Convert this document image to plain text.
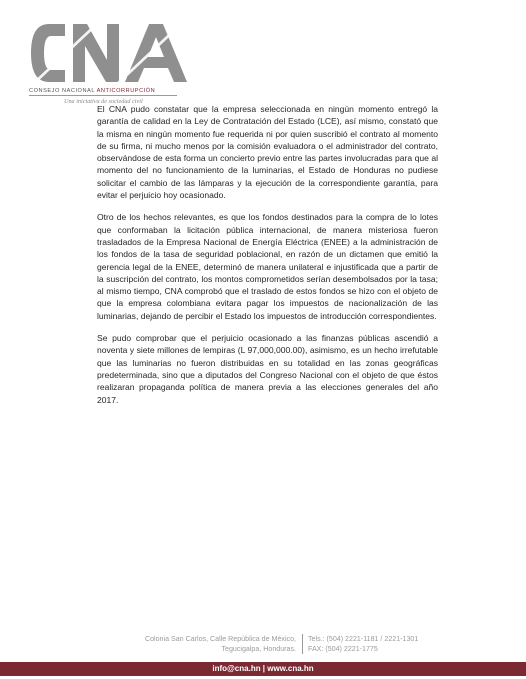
CONSEJO NACIONAL ANTICORRUPCIÓN
Una iniciativa de sociedad civil

El CNA pudo constatar que la empresa seleccionada en ningún momento entregó la garantía de calidad en la Ley de Contratación del Estado (LCE), así mismo, constató que la misma en ningún momento fue requerida ni por quien suscribió el contrato al momento de su firma, ni mucho menos por la comisión evaluadora o el administrador del contrato, observándose de esta forma un concierto previo entre las partes involucradas para que al momento del no funcionamiento de la luminarias, el Estado de Honduras no pudiese solicitar el cambio de las lámparas y la ejecución de la correspondiente garantía, para evitar el perjuicio hoy ocasionado.

Otro de los hechos relevantes, es que los fondos destinados para la compra de lo lotes que conformaban la licitación pública internacional, de manera misteriosa fueron trasladados de la Empresa Nacional de Energía Eléctrica (ENEE) a la administración de los fondos de la tasa de seguridad poblacional, en razón de un dictamen que emitió la gerencia legal de la ENEE, determinó de manera unilateral e injustificada que a partir de la suscripción del contrato, los montos comprometidos serían desembolsados por la tasa; al mismo tiempo, CNA comprobó que el traslado de estos fondos se hizo con el objeto de que la empresa colombiana evitara pagar los impuestos de nacionalización de las luminarias, dejando de percibir el Estado los impuestos de introducción correspondientes.

Se pudo comprobar que el perjuicio ocasionado a las finanzas públicas ascendió a noventa y siete millones de lempiras (L 97,000,000.00), asimismo, es un hecho irrefutable que las luminarias no fueron distribuidas en su totalidad en las zonas geográficas predeterminada, sino que a diputados del Congreso Nacional con el objeto de que éstos realizaran propaganda política de manera previa a las elecciones generales del año 2017.

Colonia San Carlos, Calle República de México,
Tegucigalpa, Honduras.
Tels.: (504) 2221-1181 / 2221-1301
FAX: (504) 2221-1775
info@cna.hn | www.cna.hn
